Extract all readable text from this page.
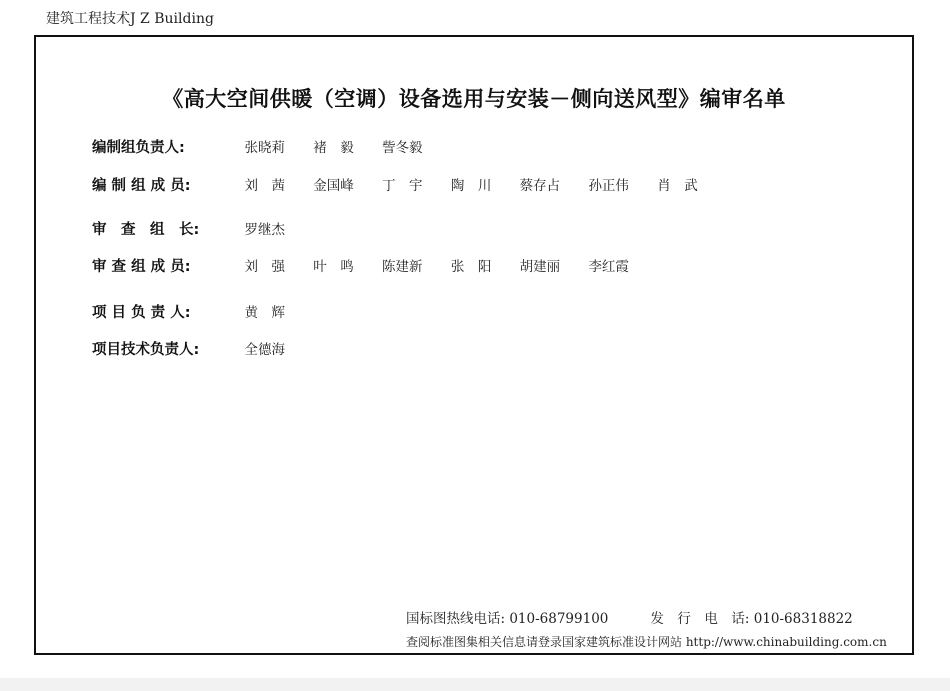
建筑工程技术J Z Building
《高大空间供暖（空调）设备选用与安装－侧向送风型》编审名单
编制组负责人:	张晓莉 褚　毅 訾冬毅
编 制 组 成 员:	刘　茜 金国峰 丁　宇 陶　川 蔡存占 孙正伟 肖　武
审　查　组　长:	罗继杰
审 查 组 成 员:	刘　强 叶　鸣 陈建新 张　阳 胡建丽 李红霞
项 目 负 责 人:	黄　辉
项目技术负责人:	全德海
国标图热线电话: 010-68799100	发　行　电　话: 010-68318822
查阅标准图集相关信息请登录国家建筑标准设计网站 http://www.chinabuilding.com.cn
